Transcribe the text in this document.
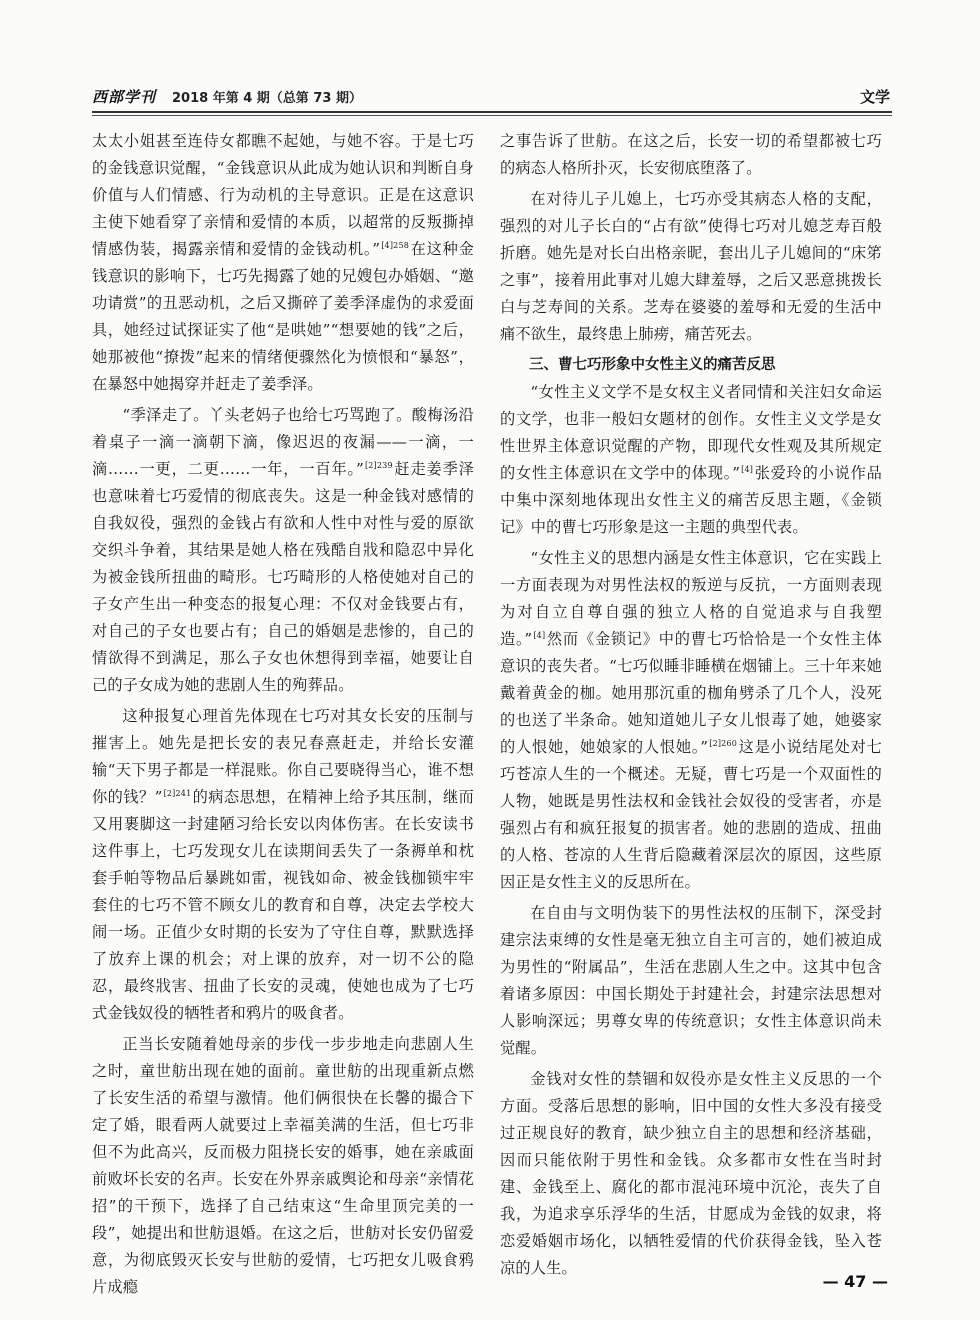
西部学刊 2018 年第 4 期（总第 73 期）	文学

太太小姐甚至连侍女都瞧不起她，与她不容。于是七巧的金钱意识觉醒，“金钱意识从此成为她认识和判断自身价值与人们情感、行为动机的主导意识。正是在这意识主使下她看穿了亲情和爱情的本质，以超常的反叛撕掉情感伪装，揭露亲情和爱情的金钱动机。”$^{[4]258}$在这种金钱意识的影响下，七巧先揭露了她的兄嫂包办婚姻、“邀功请赏”的丑恶动机，之后又撕碎了姜季泽虚伪的求爱面具，她经过试探证实了他“是哄她”“想要她的钱”之后，她那被他“撩拨”起来的情绪便骤然化为愤恨和“暴怒”，在暴怒中她揭穿并赶走了姜季泽。

“季泽走了。丫头老妈子也给七巧骂跑了。酸梅汤沿着桌子一滴一滴朝下滴，像迟迟的夜漏——一滴，一滴……一更，二更……一年，一百年。”$^{[2]239}$赶走姜季泽也意味着七巧爱情的彻底丧失。这是一种金钱对感情的自我奴役，强烈的金钱占有欲和人性中对性与爱的原欲交织斗争着，其结果是她人格在残酷自戕和隐忍中异化为被金钱所扭曲的畸形。七巧畸形的人格使她对自己的子女产生出一种变态的报复心理：不仅对金钱要占有，对自己的子女也要占有；自己的婚姻是悲惨的，自己的情欲得不到满足，那么子女也休想得到幸福，她要让自己的子女成为她的悲剧人生的殉葬品。

这种报复心理首先体现在七巧对其女长安的压制与摧害上。她先是把长安的表兄春熹赶走，并给长安灌输“天下男子都是一样混账。你自己要晓得当心，谁不想你的钱？”$^{[2]241}$的病态思想，在精神上给予其压制，继而又用裹脚这一封建陋习给长安以肉体伤害。在长安读书这件事上，七巧发现女儿在读期间丢失了一条褥单和枕套手帕等物品后暴跳如雷，视钱如命、被金钱枷锁牢牢套住的七巧不管不顾女儿的教育和自尊，决定去学校大闹一场。正值少女时期的长安为了守住自尊，默默选择了放弃上课的机会；对上课的放弃，对一切不公的隐忍，最终戕害、扭曲了长安的灵魂，使她也成为了七巧式金钱奴役的牺牲者和鸦片的吸食者。

正当长安随着她母亲的步伐一步步地走向悲剧人生之时，童世舫出现在她的面前。童世舫的出现重新点燃了长安生活的希望与激情。他们俩很快在长馨的撮合下定了婚，眼看两人就要过上幸福美满的生活，但七巧非但不为此高兴，反而极力阻挠长安的婚事，她在亲戚面前败坏长安的名声。长安在外界亲戚舆论和母亲“亲情花招”的干预下，选择了自己结束这“生命里顶完美的一段”，她提出和世舫退婚。在这之后，世舫对长安仍留爱意，为彻底毁灭长安与世舫的爱情，七巧把女儿吸食鸦片成瘾

之事告诉了世舫。在这之后，长安一切的希望都被七巧的病态人格所扑灭，长安彻底堕落了。

在对待儿子儿媳上，七巧亦受其病态人格的支配，强烈的对儿子长白的“占有欲”使得七巧对儿媳芝寿百般折磨。她先是对长白出格亲昵，套出儿子儿媳间的“床笫之事”，接着用此事对儿媳大肆羞辱，之后又恶意挑拨长白与芝寿间的关系。芝寿在婆婆的羞辱和无爱的生活中痛不欲生，最终患上肺痨，痛苦死去。

三、曹七巧形象中女性主义的痛苦反思

“女性主义文学不是女权主义者同情和关注妇女命运的文学，也非一般妇女题材的创作。女性主义文学是女性世界主体意识觉醒的产物，即现代女性观及其所规定的女性主体意识在文学中的体现。”[4]张爱玲的小说作品中集中深刻地体现出女性主义的痛苦反思主题，《金锁记》中的曹七巧形象是这一主题的典型代表。

“女性主义的思想内涵是女性主体意识，它在实践上一方面表现为对男性法权的叛逆与反抗，一方面则表现为对自立自尊自强的独立人格的自觉追求与自我塑造。”[4]然而《金锁记》中的曹七巧恰恰是一个女性主体意识的丧失者。“七巧似睡非睡横在烟铺上。三十年来她戴着黄金的枷。她用那沉重的枷角劈杀了几个人，没死的也送了半条命。她知道她儿子女儿恨毒了她，她婆家的人恨她，她娘家的人恨她。”$^{[2]260}$这是小说结尾处对七巧苍凉人生的一个概述。无疑，曹七巧是一个双面性的人物，她既是男性法权和金钱社会奴役的受害者，亦是强烈占有和疯狂报复的损害者。她的悲剧的造成、扭曲的人格、苍凉的人生背后隐藏着深层次的原因，这些原因正是女性主义的反思所在。

在自由与文明伪装下的男性法权的压制下，深受封建宗法束缚的女性是毫无独立自主可言的，她们被迫成为男性的“附属品”，生活在悲剧人生之中。这其中包含着诸多原因：中国长期处于封建社会，封建宗法思想对人影响深远；男尊女卑的传统意识；女性主体意识尚未觉醒。

金钱对女性的禁锢和奴役亦是女性主义反思的一个方面。受落后思想的影响，旧中国的女性大多没有接受过正规良好的教育，缺少独立自主的思想和经济基础，因而只能依附于男性和金钱。众多都市女性在当时封建、金钱至上、腐化的都市混沌环境中沉沦，丧失了自我，为追求享乐浮华的生活，甘愿成为金钱的奴隶，将恋爱婚姻市场化，以牺牲爱情的代价获得金钱，坠入苍凉的人生。

— 47 —
